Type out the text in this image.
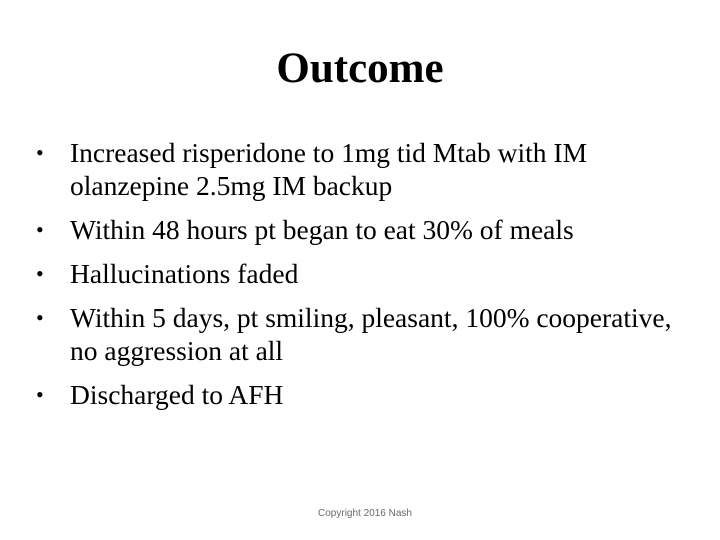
Outcome
• Increased risperidone to 1mg tid Mtab with IM olanzepine 2.5mg IM backup
• Within 48 hours pt began to eat 30% of meals
• Hallucinations faded
• Within 5 days, pt smiling, pleasant, 100% cooperative, no aggression at all
• Discharged to AFH
Copyright 2016 Nash
